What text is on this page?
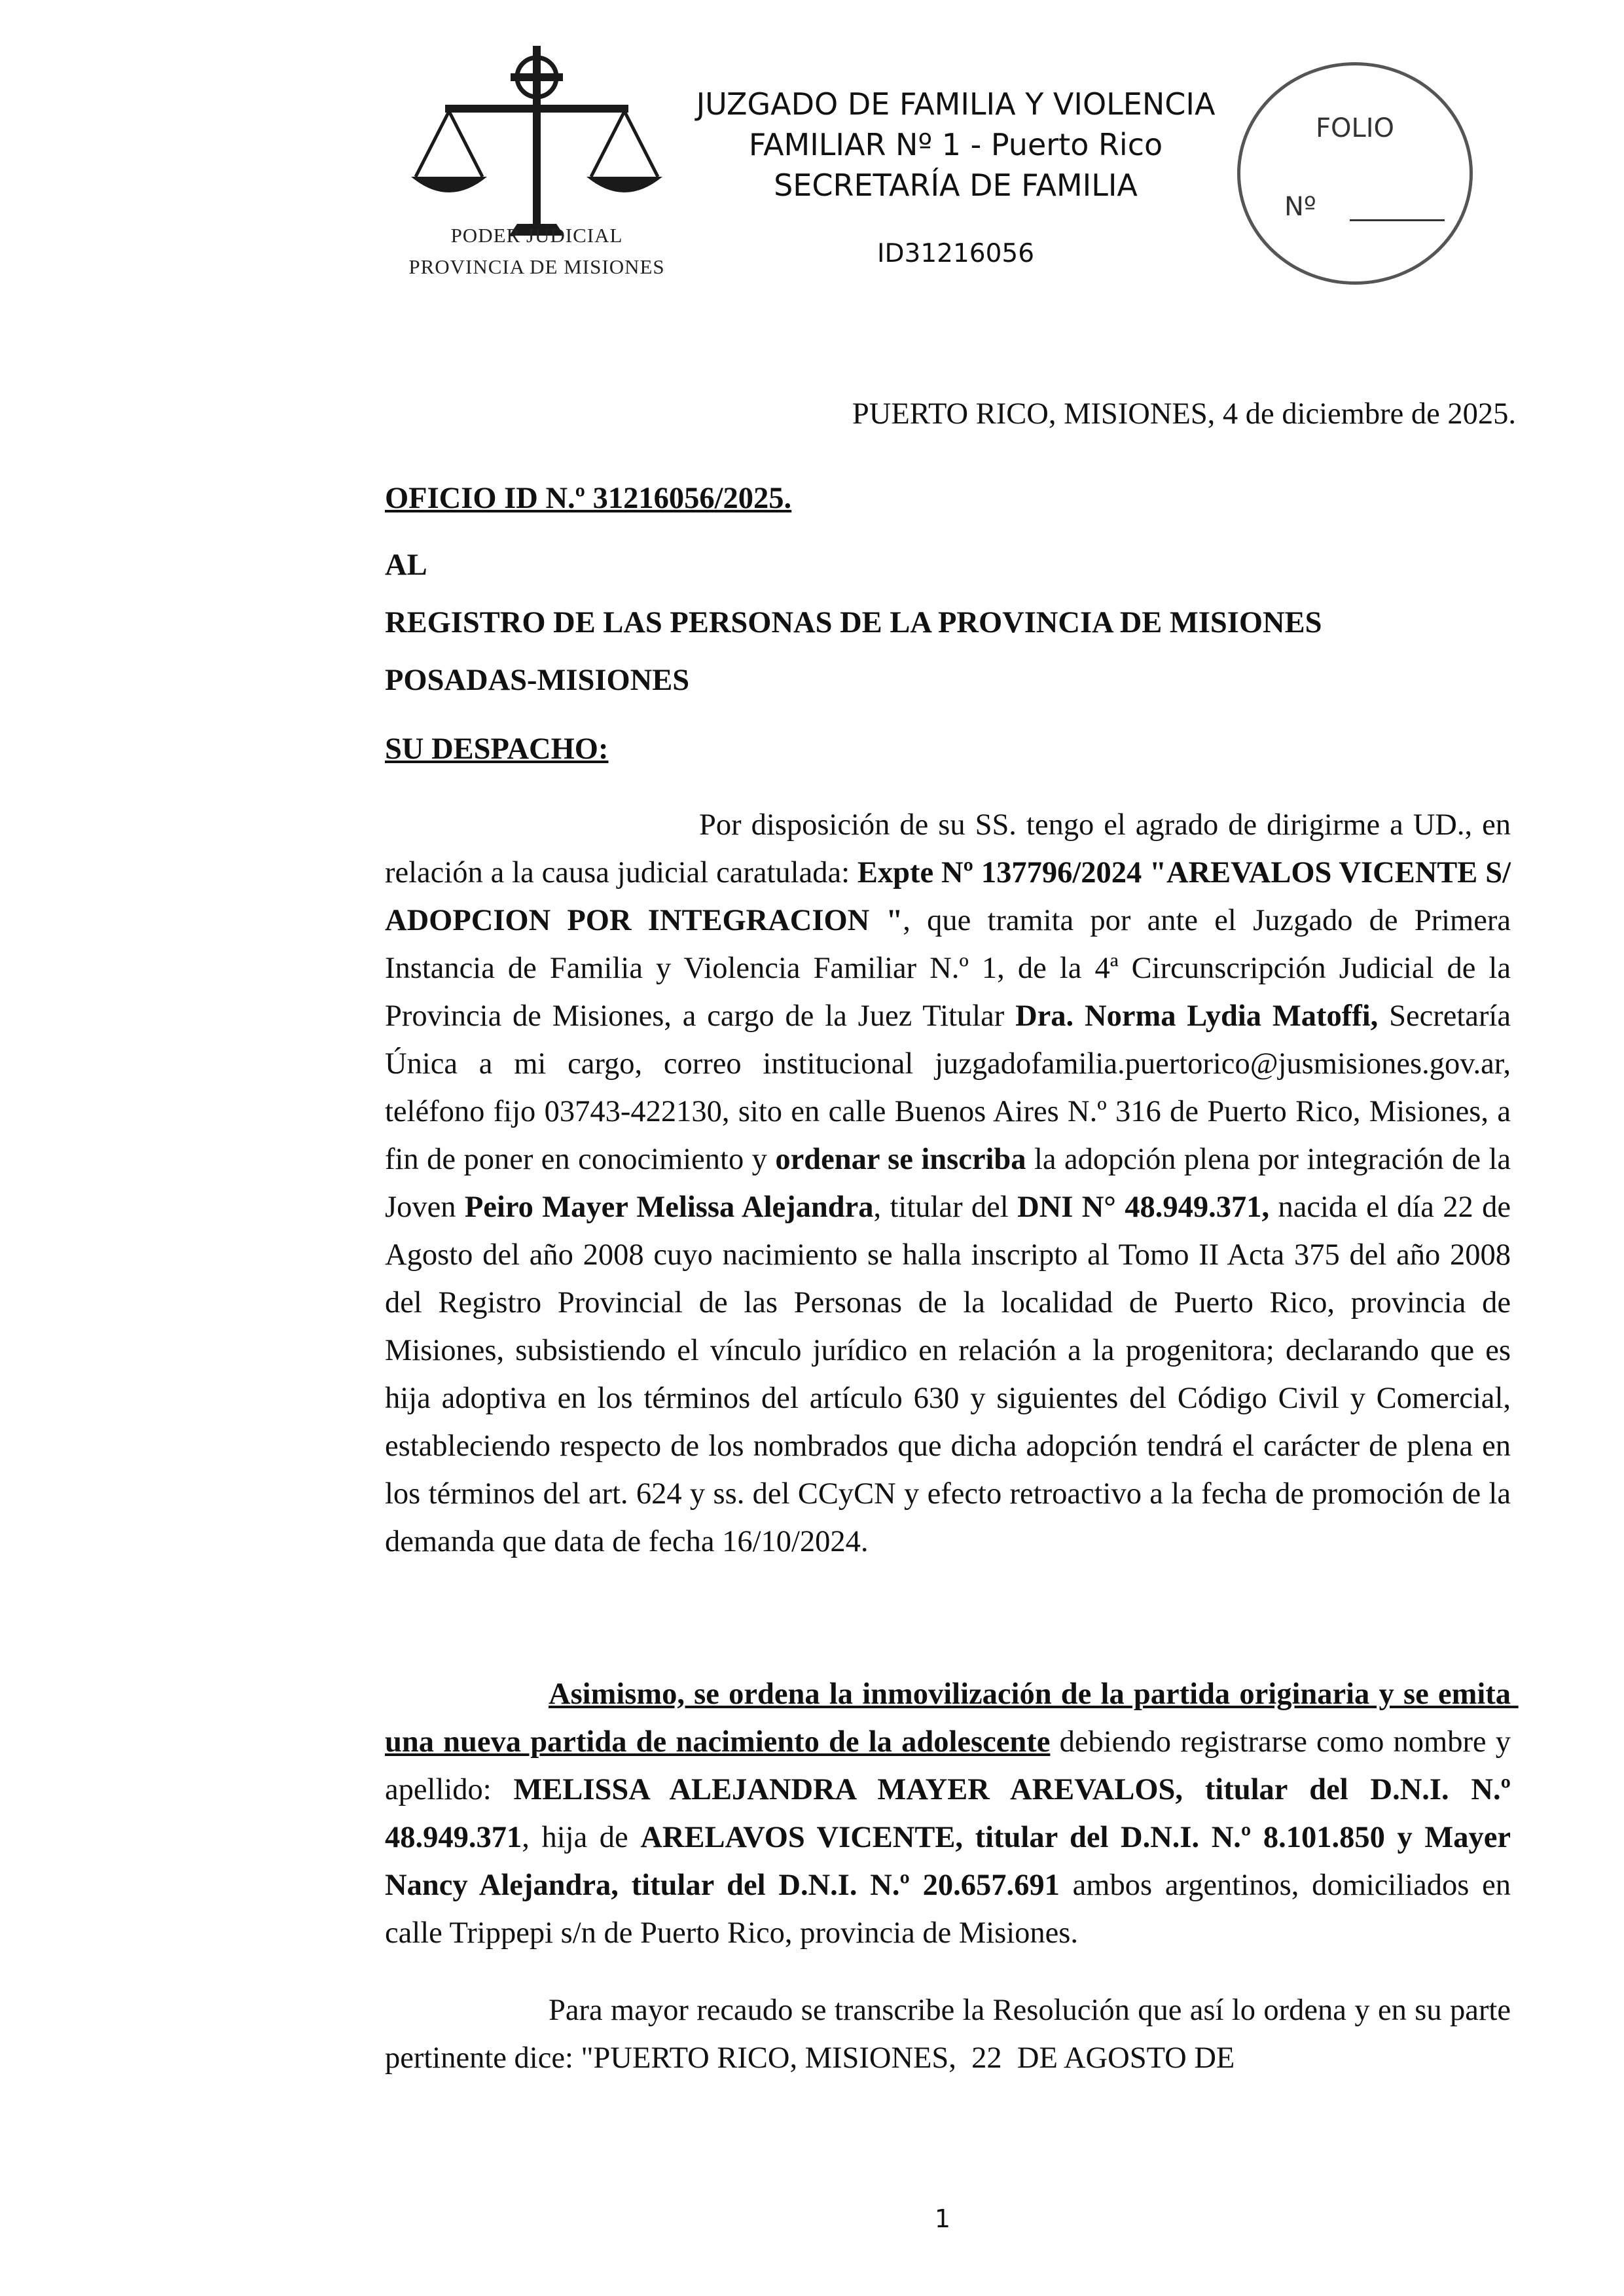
PODER JUDICIAL
PROVINCIA DE MISIONES
JUZGADO DE FAMILIA Y VIOLENCIA
FAMILIAR Nº 1 - Puerto Rico
SECRETARÍA DE FAMILIA
ID31216056
FOLIO
Nº
PUERTO RICO, MISIONES, 4 de diciembre de 2025.
OFICIO ID N.º 31216056/2025.
AL
REGISTRO DE LAS PERSONAS DE LA PROVINCIA DE MISIONES
POSADAS-MISIONES
SU DESPACHO:
Por disposición de su SS. tengo el agrado de dirigirme a UD., en relación a la causa judicial caratulada: Expte Nº 137796/2024 "AREVALOS VICENTE S/ ADOPCION POR INTEGRACION ", que tramita por ante el Juzgado de Primera Instancia de Familia y Violencia Familiar N.º 1, de la 4ª Circunscripción Judicial de la Provincia de Misiones, a cargo de la Juez Titular Dra. Norma Lydia Matoffi, Secretaría Única a mi cargo, correo institucional juzgadofamilia.puertorico@jusmisiones.gov.ar, teléfono fijo 03743-422130, sito en calle Buenos Aires N.º 316 de Puerto Rico, Misiones, a fin de poner en conocimiento y ordenar se inscriba la adopción plena por integración de la Joven Peiro Mayer Melissa Alejandra, titular del DNI N° 48.949.371, nacida el día 22 de Agosto del año 2008 cuyo nacimiento se halla inscripto al Tomo II Acta 375 del año 2008 del Registro Provincial de las Personas de la localidad de Puerto Rico, provincia de Misiones, subsistiendo el vínculo jurídico en relación a la progenitora; declarando que es hija adoptiva en los términos del artículo 630 y siguientes del Código Civil y Comercial, estableciendo respecto de los nombrados que dicha adopción tendrá el carácter de plena en los términos del art. 624 y ss. del CCyCN y efecto retroactivo a la fecha de promoción de la demanda que data de fecha 16/10/2024.
Asimismo, se ordena la inmovilización de la partida originaria y se emita una nueva partida de nacimiento de la adolescente debiendo registrarse como nombre y apellido: MELISSA ALEJANDRA MAYER AREVALOS, titular del D.N.I. N.º 48.949.371, hija de ARELAVOS VICENTE, titular del D.N.I. N.º 8.101.850 y Mayer Nancy Alejandra, titular del D.N.I. N.º 20.657.691 ambos argentinos, domiciliados en calle Trippepi s/n de Puerto Rico, provincia de Misiones.
Para mayor recaudo se transcribe la Resolución que así lo ordena y en su parte pertinente dice: "PUERTO RICO, MISIONES,  22  DE AGOSTO DE
1
